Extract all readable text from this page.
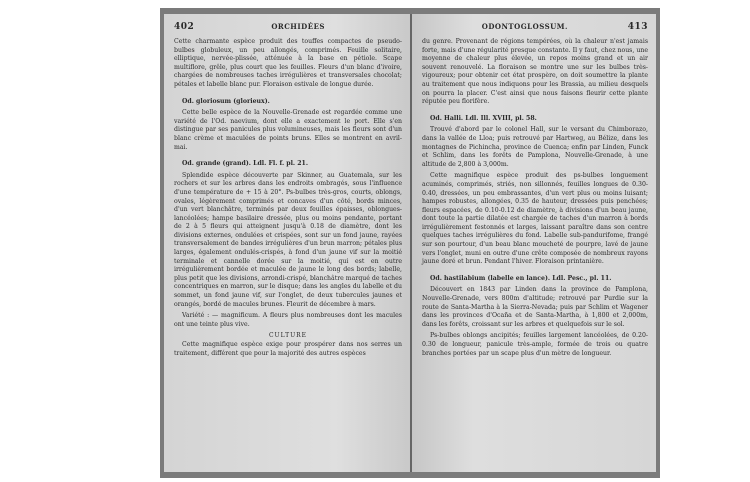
402	ORCHIDÉES

Cette charmante espèce produit des touffes compactes de pseudo-bulbes globuleux, un peu allongés, comprimés. Feuille solitaire, elliptique, nervée-plissée, atténuée à la base en pétiole. Scape multiflore, grêle, plus court que les feuilles. Fleurs d'un blanc d'ivoire, chargées de nombreuses taches irrégulières et transversales chocolat; pétales et labelle blanc pur. Floraison estivale de longue durée.

Od. gloriosum (glorieux).

Cette belle espèce de la Nouvelle-Grenade est regardée comme une variété de l'Od. naevium, dont elle a exactement le port. Elle s'en distingue par ses panicules plus volumineuses, mais les fleurs sont d'un blanc crème et maculées de points bruns. Elles se montrent en avril-mai.

Od. grande (grand). Ldl. Fl. f. pl. 21.

Splendide espèce découverte par Skinner, au Guatemala, sur les rochers et sur les arbres dans les endroits ombragés, sous l'influence d'une température de + 15 à 20°. Ps-bulbes très-gros, courts, oblongs, ovales, légèrement comprimés et concaves d'un côté, bords minces, d'un vert blanchâtre, terminés par deux feuilles épaisses, oblongues-lancéolées; hampe basilaire dressée, plus ou moins pendante, portant de 2 à 5 fleurs qui atteignent jusqu'à 0.18 de diamètre, dont les divisions externes, ondulées et crispées, sont sur un fond jaune, rayées transversalement de bandes irrégulières d'un brun marron; pétales plus larges, également ondulés-crispés, à fond d'un jaune vif sur la moitié terminale et cannelle dorée sur la moitié, qui est en outre irrégulièrement bordée et maculée de jaune le long des bords; labelle, plus petit que les divisions, arrondi-crispé, blanchâtre marqué de taches concentriques en marron, sur le disque; dans les angles du labelle et du sommet, un fond jaune vif, sur l'onglet, de deux tubercules jaunes et orangés, bordé de macules brunes. Fleurit de décembre à mars.

Variété : — magnificum. A fleurs plus nombreuses dont les macules ont une teinte plus vive.

CULTURE

Cette magnifique espèce exige pour prospérer dans nos serres un traitement, différent que pour la majorité des autres espèces

ODONTOGLOSSUM.	413

du genre. Provenant de régions tempérées, où la chaleur n'est jamais forte, mais d'une régularité presque constante. Il y faut, chez nous, une moyenne de chaleur plus élevée, un repos moins grand et un air souvent renouvelé. La floraison se montre une sur les bulbes très-vigoureux; pour obtenir cet état prospère, on doit soumettre la plante au traitement que nous indiquons pour les Brassia, au milieu desquels on pourra la placer. C'est ainsi que nous faisons fleurir cette plante réputée peu florifère.

Od. Halli. Ldl. Ill. XVIII, pl. 58.

Trouvé d'abord par le colonel Hall, sur le versant du Chimborazo, dans la vallée de Lloa; puis retrouvé par Hartweg, au Bélize, dans les montagnes de Pichincha, province de Cuenca; enfin par Linden, Funck et Schlim, dans les forêts de Pamplona, Nouvelle-Grenade, à une altitude de 2,800 à 3,000m.

Cette magnifique espèce produit des ps-bulbes longuement acuminés, comprimés, striés, non sillonnés, feuilles longues de 0.30-0.40, dressées, un peu embrassantes, d'un vert plus ou moins luisant; hampes robustes, allongées, 0.35 de hauteur, dressées puis penchées; fleurs espacées, de 0.10-0.12 de diamètre, à divisions d'un beau jaune, dont toute la partie dilatée est chargée de taches d'un marron à bords irrégulièrement festonnés et larges, laissant paraître dans son centre quelques taches irrégulières du fond. Labelle sub-pandurifome, frangé sur son pourtour, d'un beau blanc moucheté de pourpre, lavé de jaune vers l'onglet, muni en outre d'une crête composée de nombreux rayons jaune doré et brun. Pendant l'hiver. Floraison printanière.

Od. hastilabium (labelle en lance). Ldl. Pesc., pl. 11.

Découvert en 1843 par Linden dans la province de Pamplona, Nouvelle-Grenade, vers 800m d'altitude; retrouvé par Purdie sur la route de Santa-Martha à la Sierra-Nevada; puis par Schlim et Wagener dans les provinces d'Ocaña et de Santa-Martha, à 1,800 et 2,000m, dans les forêts, croissant sur les arbres et quelquefois sur le sol.

Ps-bulbes oblongs ancipités; feuilles largement lancéolées, de 0.20-0.30 de longueur, panicule très-ample, formée de trois ou quatre branches portées par un scape plus d'un mètre de longueur.
